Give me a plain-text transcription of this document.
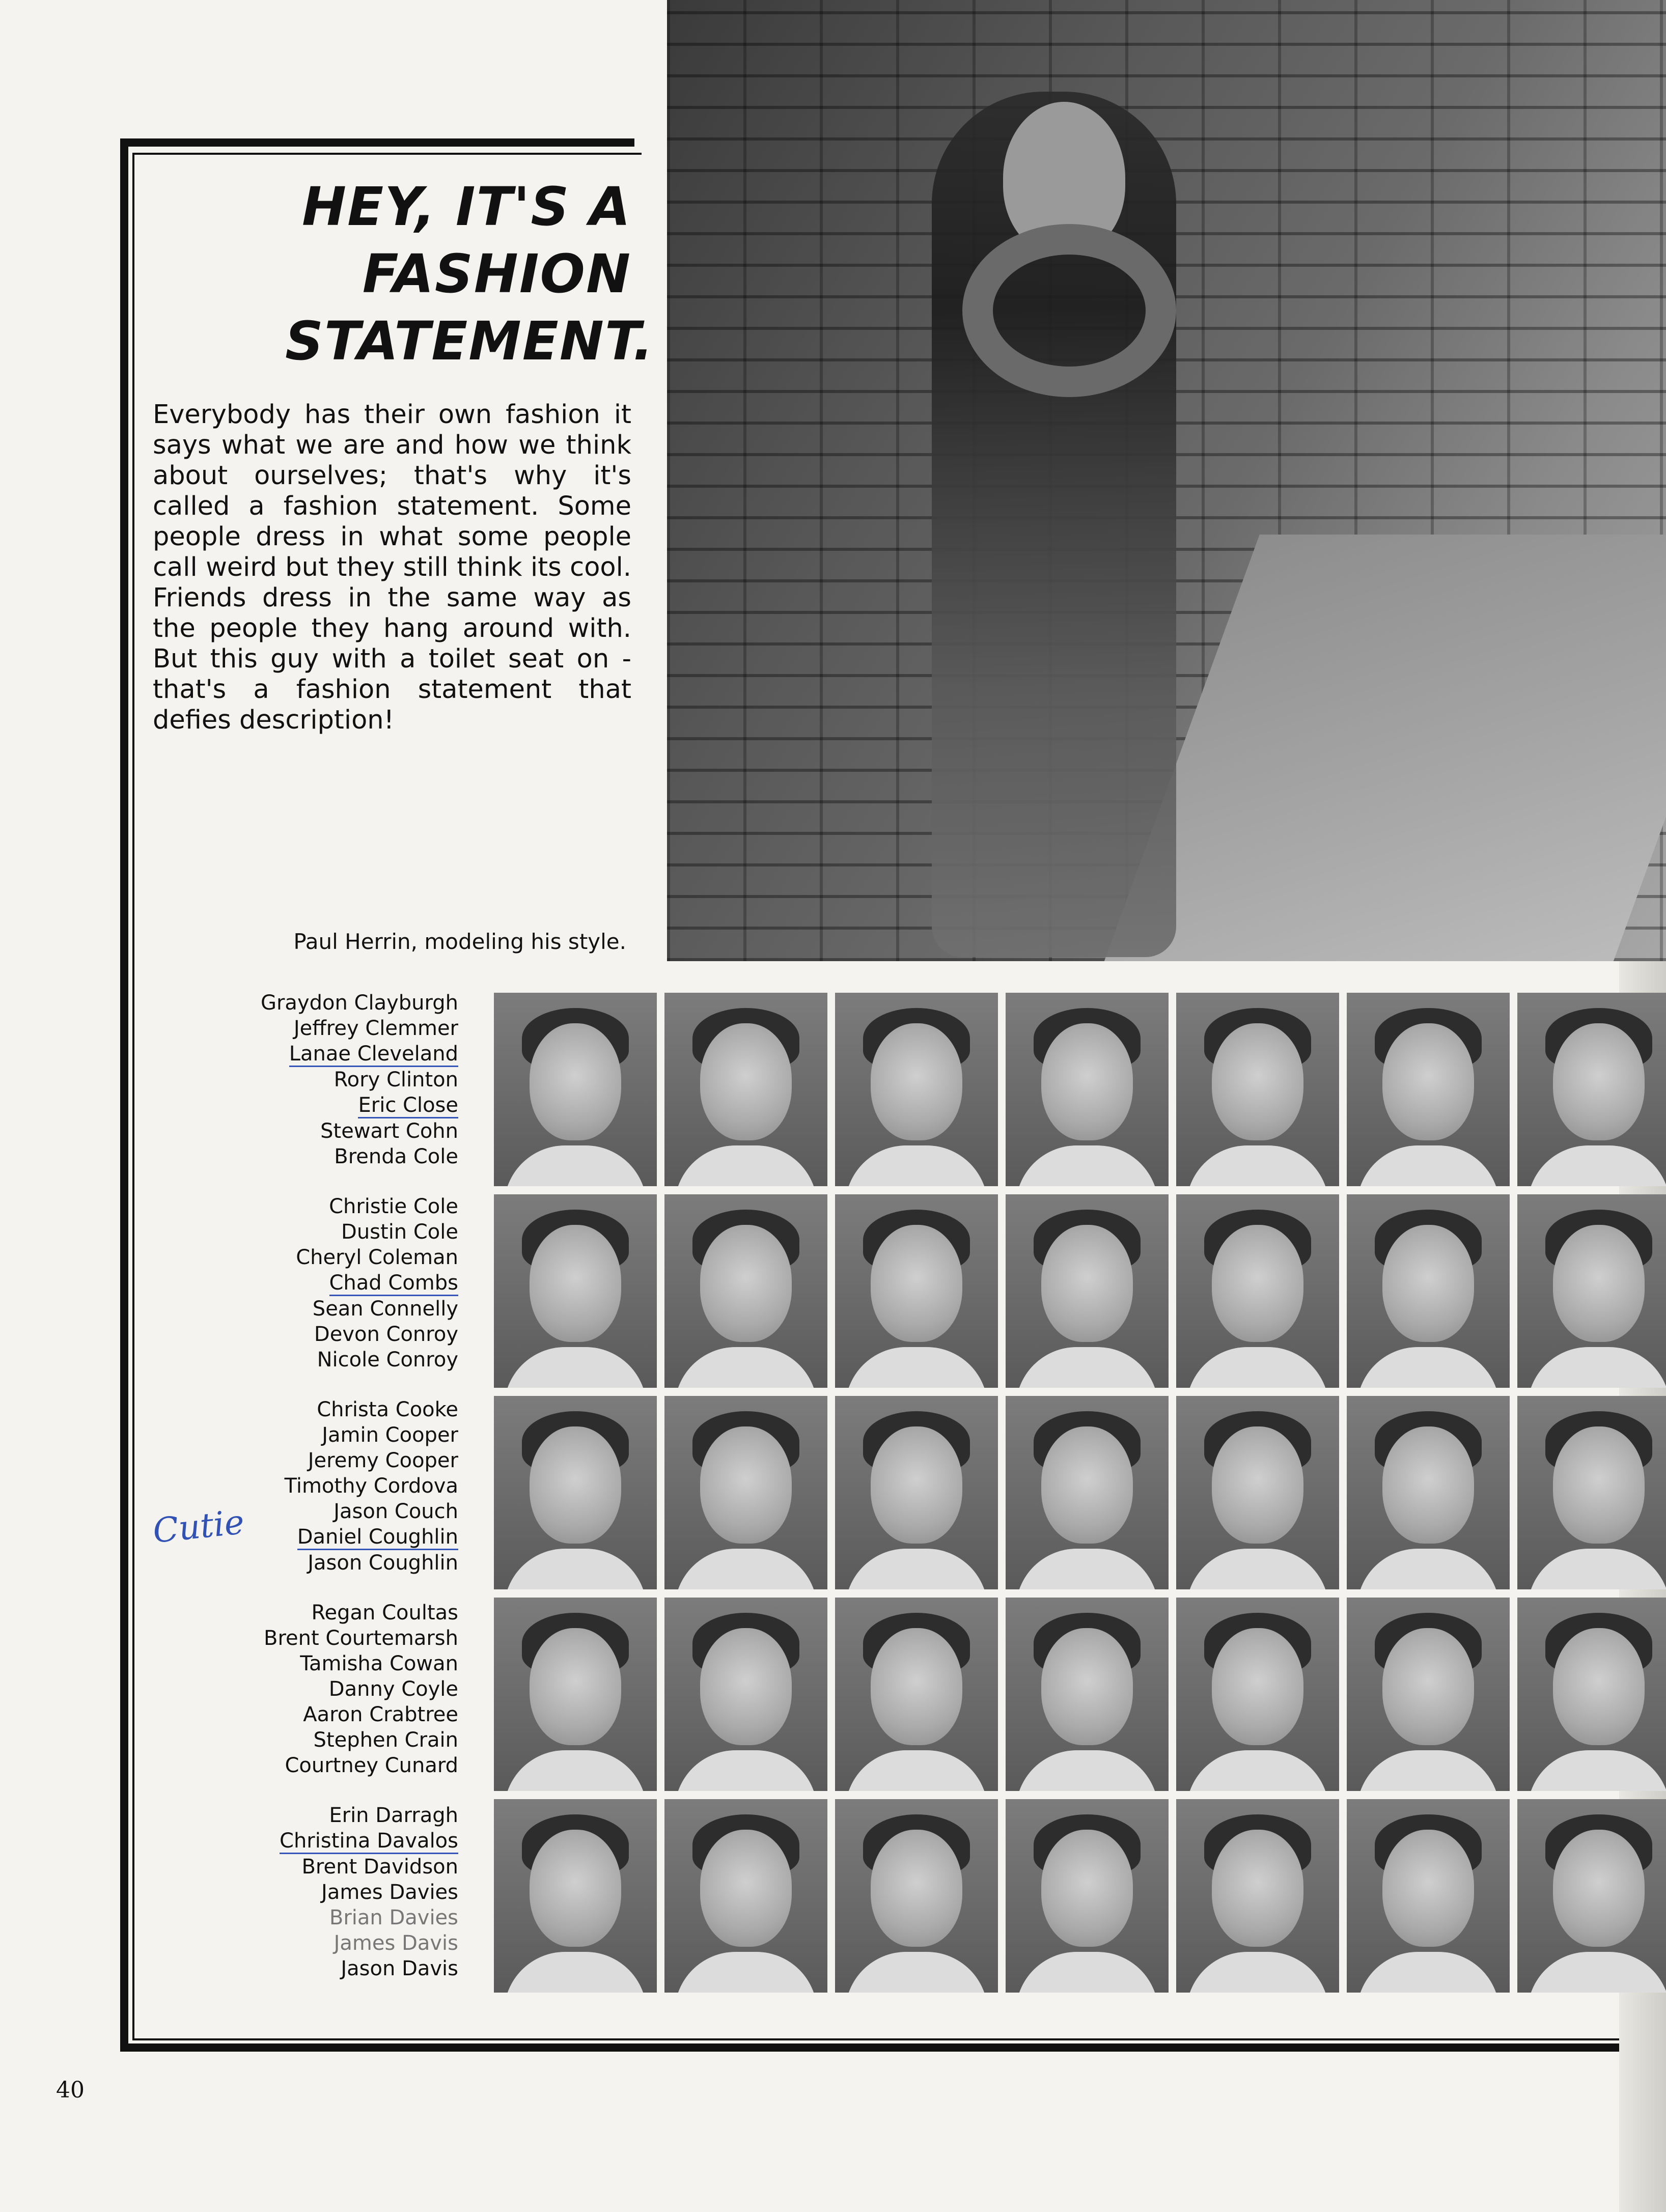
HEY, IT'S A
FASHION
STATEMENT.
Everybody has their own fashion it says what we are and how we think about ourselves; that's why it's called a fashion statement. Some people dress in what some people call weird but they still think its cool. Friends dress in the same way as the people they hang around with. But this guy with a toilet seat on - that's a fashion statement that defies description!
Paul Herrin, modeling his style.
Graydon Clayburgh
Jeffrey Clemmer
Lanae Cleveland
Rory Clinton
Eric Close
Stewart Cohn
Brenda Cole
Christie Cole
Dustin Cole
Cheryl Coleman
Chad Combs
Sean Connelly
Devon Conroy
Nicole Conroy
Christa Cooke
Jamin Cooper
Jeremy Cooper
Timothy Cordova
Jason Couch
Daniel Coughlin
Jason Coughlin
Regan Coultas
Brent Courtemarsh
Tamisha Cowan
Danny Coyle
Aaron Crabtree
Stephen Crain
Courtney Cunard
Erin Darragh
Christina Davalos
Brent Davidson
James Davies
Brian Davies
James Davis
Jason Davis
Cutie
40
